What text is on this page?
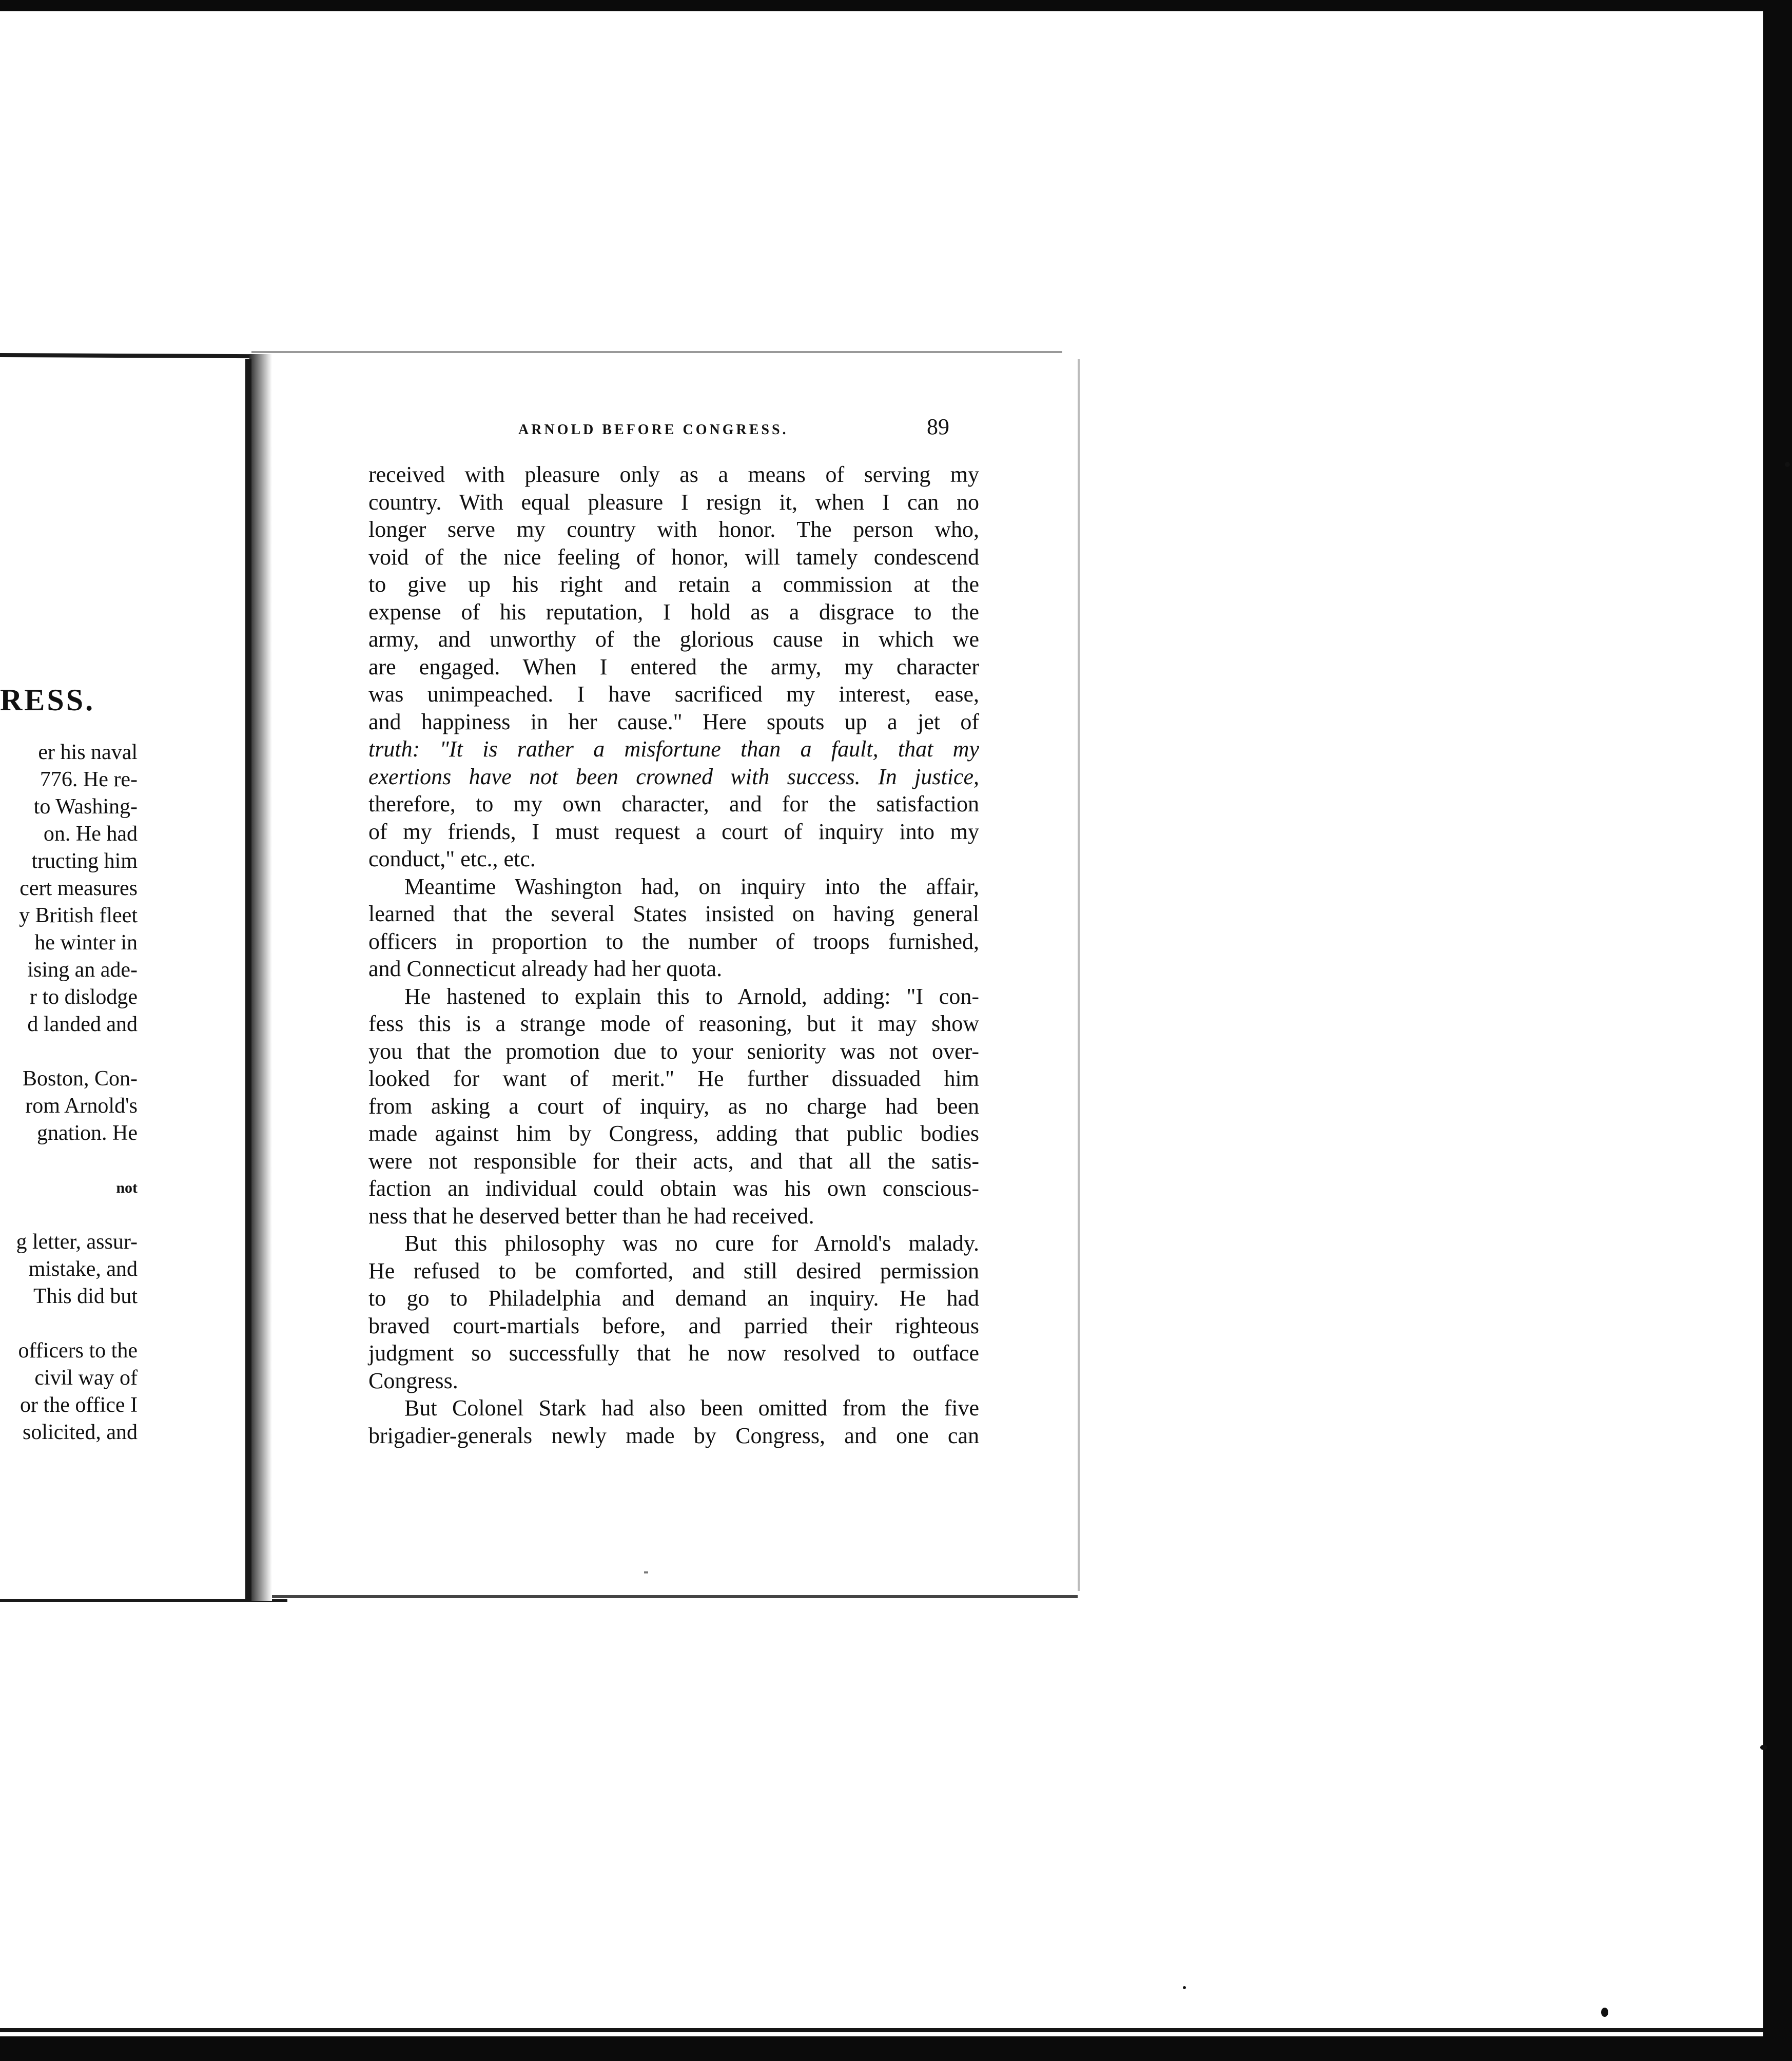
RESS.
er his naval
776. He re-
to Washing-
on. He had
tructing him
cert measures
y British fleet
he winter in
ising an ade-
r to dislodge
d landed and
Boston, Con-
rom Arnold's
gnation. He
not
g letter, assur-
mistake, and
This did but
officers to the
civil way of
or the office I
solicited, and
ARNOLD BEFORE CONGRESS.	89
received with pleasure only as a means of serving my
country. With equal pleasure I resign it, when I can no
longer serve my country with honor. The person who,
void of the nice feeling of honor, will tamely condescend
to give up his right and retain a commission at the
expense of his reputation, I hold as a disgrace to the
army, and unworthy of the glorious cause in which we
are engaged. When I entered the army, my character
was unimpeached. I have sacrificed my interest, ease,
and happiness in her cause." Here spouts up a jet of
truth: "It is rather a misfortune than a fault, that my
exertions have not been crowned with success. In justice,
therefore, to my own character, and for the satisfaction
of my friends, I must request a court of inquiry into my
conduct," etc., etc.
Meantime Washington had, on inquiry into the affair,
learned that the several States insisted on having general
officers in proportion to the number of troops furnished,
and Connecticut already had her quota.
He hastened to explain this to Arnold, adding: "I con-
fess this is a strange mode of reasoning, but it may show
you that the promotion due to your seniority was not over-
looked for want of merit." He further dissuaded him
from asking a court of inquiry, as no charge had been
made against him by Congress, adding that public bodies
were not responsible for their acts, and that all the satis-
faction an individual could obtain was his own conscious-
ness that he deserved better than he had received.
But this philosophy was no cure for Arnold's malady.
He refused to be comforted, and still desired permission
to go to Philadelphia and demand an inquiry. He had
braved court-martials before, and parried their righteous
judgment so successfully that he now resolved to outface
Congress.
But Colonel Stark had also been omitted from the five
brigadier-generals newly made by Congress, and one can
